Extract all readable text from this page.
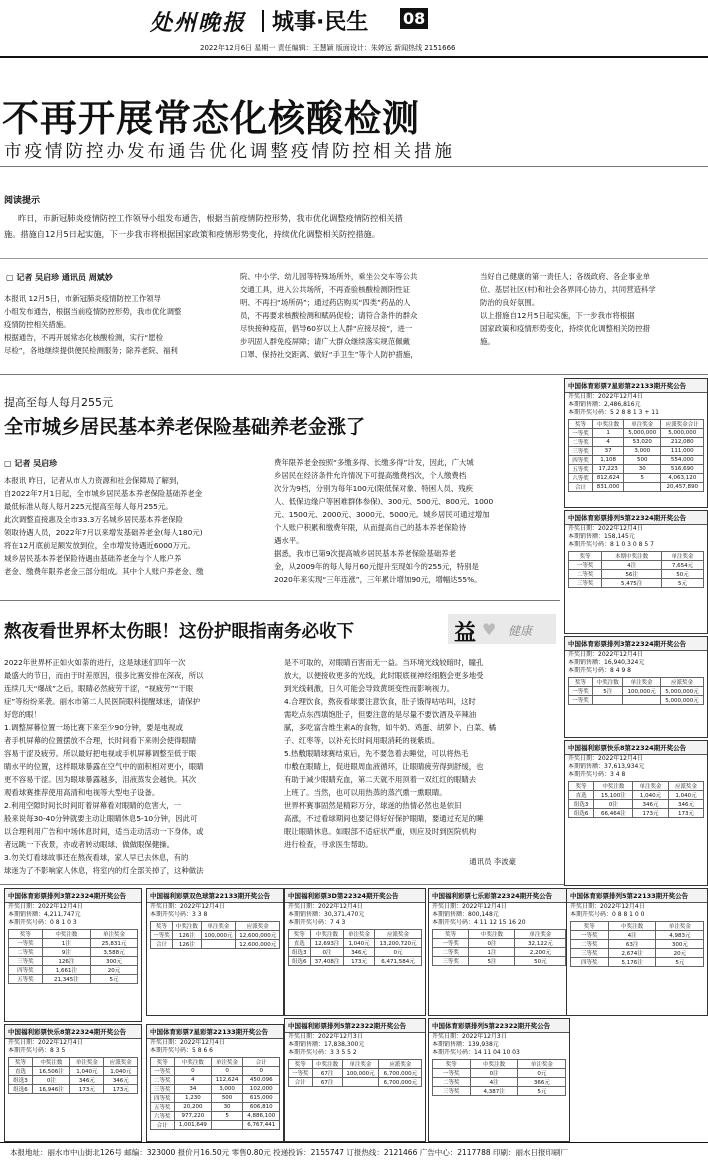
处州晚报 城事·民生 08
2022年12月6日 星期一 责任编辑：王慧颖 版面设计：朱婷远 新闻热线 2151666
不再开展常态化核酸检测
市疫情防控办发布通告优化调整疫情防控相关措施
阅读提示
昨日，市新冠肺炎疫情防控工作领导小组发布通告，根据当前疫情防控形势，我市优化调整疫情防控相关措
施。措施自12月5日起实施，下一步我市将根据国家政策和疫情形势变化，持续优化调整相关防控措施。
▢ 记者 吴启珍 通讯员 周斌妙
本报讯 12月5日，市新冠肺炎疫情防控工作领导
小组发布通告，根据当前疫情防控形势，我市优化调整
疫情防控相关措施。
根据通告，不再开展常态化核酸检测，实行“愿检
尽检”，各地继续提供便民检测服务；除养老院、福利
院、中小学、幼儿园等特殊场所外，乘坐公交车等公共
交通工具，进入公共场所，不再查验核酸检测阴性证
明、不再扫“场所码”；通过药店购买“四类”药品的人
员，不再要求核酸检测和赋码促检；请符合条件的群众
尽快接种疫苗，倡导60岁以上人群“应接尽接”，进一
步巩固人群免疫屏障；请广大群众继续落实规范佩戴
口罩、保持社交距离、做好“手卫生”等个人防护措施，
当好自己健康的第一责任人；各级政府、各企事业单
位、基层社区(村)和社会各界同心协力，共同营造科学
防治的良好氛围。
以上措施自12月5日起实施，下一步我市将根据
国家政策和疫情形势变化，持续优化调整相关防控措
施。
提高至每人每月255元
全市城乡居民基本养老保险基础养老金涨了
▢ 记者 吴启珍
本报讯 昨日，记者从市人力资源和社会保障局了解到，
自2022年7月1日起，全市城乡居民基本养老保险基础养老金
最低标准从每人每月225元提高至每人每月255元。
此次调整直接惠及全市33.3万名城乡居民基本养老保险
领取待遇人员，2022年7月以来增发基础养老金(每人180元)
将在12月底前足额发放到位，全市增发待遇近6000万元。
城乡居民基本养老保险待遇由基础养老金与个人账户养
老金、缴费年限养老金三部分组成。其中个人账户养老金、缴
费年限养老金按照“多缴多得、长缴多得”计发，因此，广大城
乡居民在经济条件允许情况下可提高缴费档次，个人缴费档
次分为9档，分别为每年100元(限低保对象、特困人员、残疾
人、低保边缘户等困难群体参保)、300元、500元、800元、1000
元、1500元、2000元、3000元、5000元。城乡居民可通过增加
个人账户积累和缴费年限，从而提高自己的基本养老保险待
遇水平。
据悉，我市已第9次提高城乡居民基本养老保险基础养老
金，从2009年的每人每月60元提升至现如今的255元，特别是
2020年来实现“三年连涨”，三年累计增加90元，增幅达55%。
熬夜看世界杯太伤眼！这份护眼指南务必收下	益 ♥ 健康
2022年世界杯正如火如荼的进行，这是球迷们四年一次
最盛大的节日，而由于时差原因，很多比赛安排在深夜，所以
连续几天“爆战”之后，眼睛必然疲劳干涩，“视疲劳”“干眼
症”等纷纷来袭。丽水市第二人民医院眼科提醒球迷，请保护
好您的眼！
1.调整屏幕位置一场比赛下来至少90分钟，要是电视或
者手机屏幕的位置摆放不合理，长时间看下来则会使得眼睛
容易干涩及疲劳。所以最好把电视或手机屏幕调整至低于眼
睛水平的位置，这样眼球暴露在空气中的面积相对更小，眼睛
更不容易干涩。因为眼球暴露越多，泪液蒸发会越快。其次
观看球赛推荐使用高清和电视等大型电子设备。
2.利用空隙时间长时间盯着屏幕看对眼睛的危害大，一
般来说每30-40分钟就要主动让眼睛休息5-10分钟，因此可
以合理利用广告和中场休息时间，适当走动活动一下身体，或
者远眺一下夜景，亦或者转动眼球、做做眼保健操。
3.勿关灯看球故事还在熬夜看球，家人早已去休息，有的
球迷为了不影响家人休息，将室内的灯全部关掉了，这种做法
是不可取的，对眼睛百害而无一益。当环境光线较暗时，瞳孔
放大，以便接收更多的光线，此时眼底视神经细胞会更多地受
到光线刺激，日久可能会导致黄斑变性而影响视力。
4.合理饮食，熬夜看球要注意饮食，肚子饿得咕咕叫，这时
需吃点东西填饱肚子，但要注意的是尽量不要饮酒及辛辣油
腻，多吃富含维生素A的食物，如牛奶、鸡蛋、胡萝卜、白菜、橘
子、红枣等，以补充长时间用眼消耗的视紫质。
5.热敷眼睛球赛结束后，先不要急着去睡觉，可以将热毛
巾敷在眼睛上，促进眼周血液循环，让眼睛疲劳得到舒缓，也
有助于减少眼睛充血，第二天就不用顶着一双红红的眼睛去
上班了。当然，也可以用热蒸的蒸汽熏一熏眼睛。
世界杯赛事固然是精彩万分，球迷的热情必然也是依旧
高涨，不过看球期间也要记得好好保护眼睛，要通过充足的睡
眠让眼睛休息。如眼部不适症状严重，则应及时到医院机构
进行检查，寻求医生帮助。
通讯员 李波豪
中国体育彩票7星彩第22133期开奖公告
开奖日期：2022年12月4日
本期销售额：2,486,816元
本期开奖号码：5 2 8 8 1 3 + 11
奖等	中奖注数	单注奖金	应派奖金合计
一等奖	1	5,000,000	5,000,000
二等奖	4	53,020	212,080
三等奖	37	3,000	111,000
四等奖	1,108	500	554,000
五等奖	17,223	30	516,690
六等奖	812,624	5	4,063,120
合计	831,000		20,457,890
中国体育彩票排列5第22324期开奖公告
开奖日期：2022年12月4日
本期销售额：158,145元
本期开奖号码：8 1 0 3 0 8 5 7
奖等	本期中奖注数	单注奖金
一等奖	4注	7,654元
二等奖	56注	50元
三等奖	5,475注	5元
中国体育彩票排列3第22324期开奖公告
开奖日期：2022年12月4日
本期销售额：16,940,324元
本期开奖号码：8 4 9 8
奖等	中奖注数	单注奖金	应派奖金
一等奖	5注	100,000元	5,000,000元
一等奖			5,000,000元
中国福利彩票快乐8第22324期开奖公告
开奖日期：2022年12月4日
本期销售额：37,613,934元
本期开奖号码：3 4 8
奖等	中奖注数	单注奖金	应派奖金
直选	15,100注	1,040元	1,040元
组选3	0注	346元	346元
组选6	66,464注	173元	173元
中国体育彩票排列3第22324期开奖公告
开奖日期：2022年12月4日
本期销售额：4,211,747元
本期开奖号码：0 8 1 0 3
奖等	中奖注数	单注奖金
一等奖	1注	25,831元
二等奖	9注	3,588元
三等奖	126注	300元
四等奖	1,661注	20元
五等奖	21,345注	5元
中国福利彩票双色球第22133期开奖公告
开奖日期：2022年12月4日
本期开奖号码：3 3 8
奖等	中奖注数	单注奖金	应派奖金
一等奖	126注	100,000元	12,600,000元
合计	126注		12,600,000元
中国福利彩票3D第22324期开奖公告
开奖日期：2022年12月4日
本期销售额：30,371,470元
本期开奖号码：7 4 3
奖等	中奖注数	单注奖金	应派奖金
直选	12,693注	1,040元	13,200,720元
组选3	0注	346元	0元
组选6	37,408注	173元	6,471,584元
中国福利彩票七乐彩第22324期开奖公告
开奖日期：2022年12月4日
本期销售额：800,148元
本期开奖号码：4 11 12 15 16 20
奖等	中奖注数	单注奖金
一等奖	0注	32,122元
二等奖	1注	2,200元
三等奖	5注	50元
中国体育彩票排列5第22133期开奖公告
开奖日期：2022年12月4日
本期开奖号码：0 8 8 1 0 0
奖等	中奖注数	单注奖金
一等奖	4注	4,983元
二等奖	63注	300元
三等奖	2,674注	20元
四等奖	5,176注	5元
中国福利彩票快乐8第22324期开奖公告
开奖日期：2022年12月4日
本期开奖号码：8 3 5
奖等	中奖注数	单注奖金	应派奖金
直选	16,506注	1,040元	1,040元
组选3	0注	346元	346元
组选6	16,946注	173元	173元
中国体育彩票7星彩第22133期开奖公告
开奖日期：2022年12月4日
本期开奖号码：5 8 6 6
奖等	中奖注数	单注奖金	合计
一等奖	0	0	0
二等奖	4	112,624	450,096
三等奖	34	3,000	102,000
四等奖	1,230	500	615,000
五等奖	20,200	30	606,810
六等奖	977,220	5	4,886,100
合计	1,001,649		6,767,441
中国福利彩票排列5第22322期开奖公告
开奖日期：2022年12月3日
本期销售额：17,838,300元
本期开奖号码：3 3 5 5 2
奖等	中奖注数	单注奖金	应派奖金
一等奖	67注	100,000元	6,700,000元
合计	67注		6,700,000元
中国体育彩票排列5第22322期开奖公告
开奖日期：2022年12月3日
本期销售额：139,938元
本期开奖号码：14 11 04 10 03
奖等	中奖注数	单注奖金
一等奖	0注	0元
二等奖	4注	366元
三等奖	4,387注	5元
本报地址：丽水市中山街北126号 邮编：323000 报价月16.50元 零售0.80元 投递投诉：2155747 订报热线：2121466 广告中心：2117788 印刷：丽水日报印刷厂
